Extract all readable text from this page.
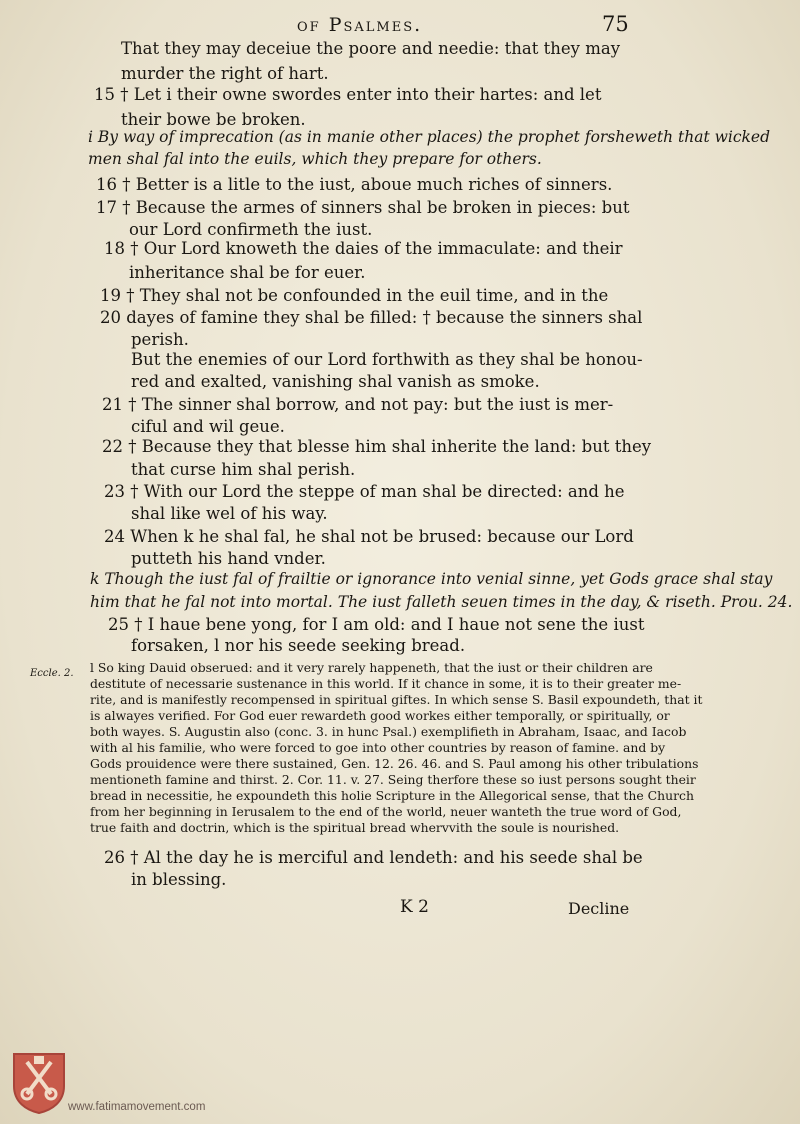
of Psalmes.	75
That they may deceiue the poore and needie: that they may
murder the right of hart.
15 † Let i their owne swordes enter into their hartes: and let
their bowe be broken.
i By way of imprecation (as in manie other places) the prophet forsheweth that wicked
men shal fal into the euils, which they prepare for others.
16 † Better is a litle to the iust, aboue much riches of sinners.
17 † Because the armes of sinners shal be broken in pieces: but
our Lord confirmeth the iust.
18 † Our Lord knoweth the daies of the immaculate: and their
inheritance shal be for euer.
19 † They shal not be confounded in the euil time, and in the
20 dayes of famine they shal be filled: † because the sinners shal
perish.
But the enemies of our Lord forthwith as they shal be honou-
red and exalted, vanishing shal vanish as smoke.
21 † The sinner shal borrow, and not pay: but the iust is mer-
ciful and wil geue.
22 † Because they that blesse him shal inherite the land: but they
that curse him shal perish.
23 † With our Lord the steppe of man shal be directed: and he
shal like wel of his way.
24 When k he shal fal, he shal not be brused: because our Lord
putteth his hand vnder.
k Though the iust fal of frailtie or ignorance into venial sinne, yet Gods grace shal stay
him that he fal not into mortal. The iust falleth seuen times in the day, & riseth. Prou. 24.
25 † I haue bene yong, for I am old: and I haue not sene the iust
forsaken, l nor his seede seeking bread.
Eccle. 2. l So king Dauid obserued: and it very rarely happeneth, that the iust or their children are
destitute of necessarie sustenance in this world. If it chance in some, it is to their greater me-
rite, and is manifestly recompensed in spiritual giftes. In which sense S. Basil expoundeth, that it
is alwayes verified. For God euer rewardeth good workes either temporally, or spiritually, or
both wayes. S. Augustin also (conc. 3. in hunc Psal.) exemplifieth in Abraham, Isaac, and Iacob
with al his familie, who were forced to goe into other countries by reason of famine. and by
Gods prouidence were there sustained, Gen. 12. 26. 46. and S. Paul among his other tribulations
mentioneth famine and thirst. 2. Cor. 11. v. 27. Seing therfore these so iust persons sought their
bread in necessitie, he expoundeth this holie Scripture in the Allegorical sense, that the Church
from her beginning in Ierusalem to the end of the world, neuer wanteth the true word of God,
true faith and doctrin, which is the spiritual bread whervvith the soule is nourished.
26 † Al the day he is merciful and lendeth: and his seede shal be
in blessing.
K 2	Decline
www.fatimamovement.com
